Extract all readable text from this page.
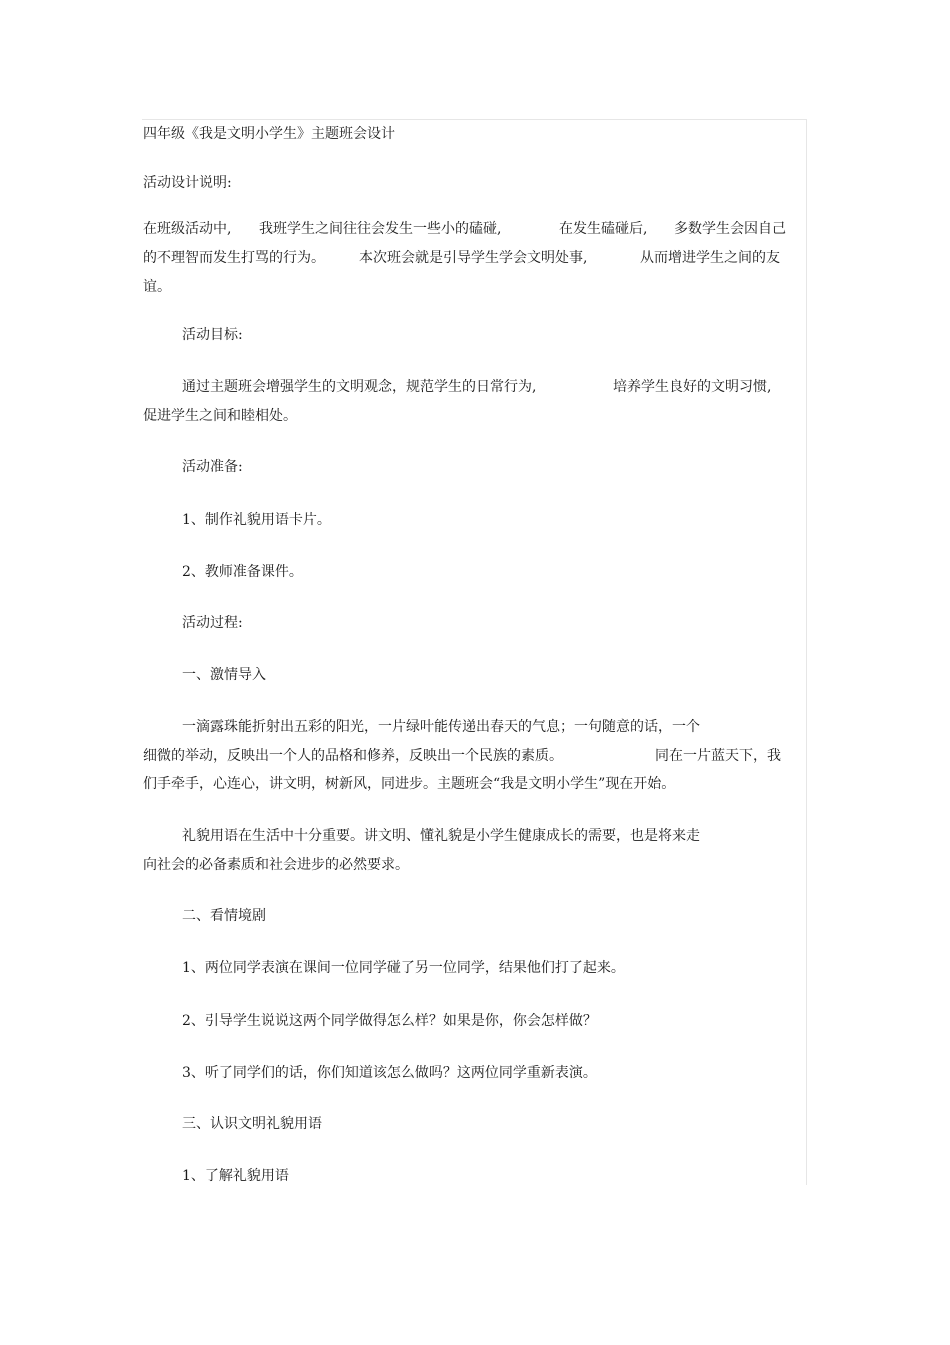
四年级《我是文明小学生》主题班会设计

活动设计说明:

在班级活动中, 我班学生之间往往会发生一些小的磕碰,	在发生磕碰后, 多数学生会因自己
的不理智而发生打骂的行为。 本次班会就是引导学生学会文明处事,	从而增进学生之间的友
谊。

活动目标:

通过主题班会增强学生的文明观念，规范学生的日常行为,	培养学生良好的文明习惯,
促进学生之间和睦相处。

活动准备:

1、制作礼貌用语卡片。

2、教师准备课件。

活动过程:

一、激情导入

一滴露珠能折射出五彩的阳光，一片绿叶能传递出春天的气息；一句随意的话，一个
细微的举动，反映出一个人的品格和修养，反映出一个民族的素质。	同在一片蓝天下，我
们手牵手，心连心，讲文明，树新风，同进步。主题班会“我是文明小学生”现在开始。
礼貌用语在生活中十分重要。讲文明、懂礼貌是小学生健康成长的需要，也是将来走
向社会的必备素质和社会进步的必然要求。

二、看情境剧

1、两位同学表演在课间一位同学碰了另一位同学，结果他们打了起来。

2、引导学生说说这两个同学做得怎么样？如果是你，你会怎样做？

3、听了同学们的话，你们知道该怎么做吗？这两位同学重新表演。

三、认识文明礼貌用语

1、了解礼貌用语
